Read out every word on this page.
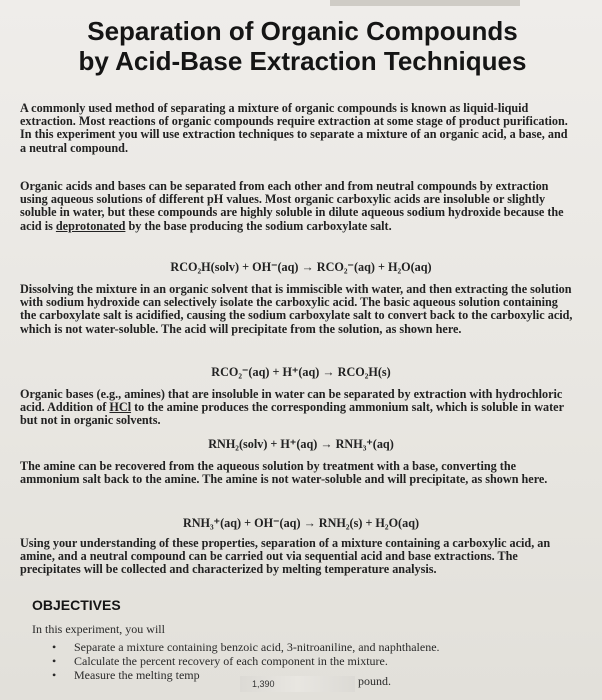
Separation of Organic Compounds
by Acid-Base Extraction Techniques

A commonly used method of separating a mixture of organic compounds is known as liquid-liquid extraction. Most reactions of organic compounds require extraction at some stage of product purification. In this experiment you will use extraction techniques to separate a mixture of an organic acid, a base, and a neutral compound.

Organic acids and bases can be separated from each other and from neutral compounds by extraction using aqueous solutions of different pH values. Most organic carboxylic acids are insoluble or slightly soluble in water, but these compounds are highly soluble in dilute aqueous sodium hydroxide because the acid is deprotonated by the base producing the sodium carboxylate salt.

RCO₂H(solv) + OH⁻(aq) → RCO₂⁻(aq) + H₂O(aq)

Dissolving the mixture in an organic solvent that is immiscible with water, and then extracting the solution with sodium hydroxide can selectively isolate the carboxylic acid. The basic aqueous solution containing the carboxylate salt is acidified, causing the sodium carboxylate salt to convert back to the carboxylic acid, which is not water-soluble. The acid will precipitate from the solution, as shown here.

RCO₂⁻(aq) + H⁺(aq) → RCO₂H(s)

Organic bases (e.g., amines) that are insoluble in water can be separated by extraction with hydrochloric acid. Addition of HCl to the amine produces the corresponding ammonium salt, which is soluble in water but not in organic solvents.

RNH₂(solv) + H⁺(aq) → RNH₃⁺(aq)

The amine can be recovered from the aqueous solution by treatment with a base, converting the ammonium salt back to the amine. The amine is not water-soluble and will precipitate, as shown here.

RNH₃⁺(aq) + OH⁻(aq) → RNH₂(s) + H₂O(aq)

Using your understanding of these properties, separation of a mixture containing a carboxylic acid, an amine, and a neutral compound can be carried out via sequential acid and base extractions. The precipitates will be collected and characterized by melting temperature analysis.

OBJECTIVES

In this experiment, you will

• Separate a mixture containing benzoic acid, 3-nitroaniline, and naphthalene.
• Calculate the percent recovery of each component in the mixture.
• Measure the melting temp
1,390	pound.
